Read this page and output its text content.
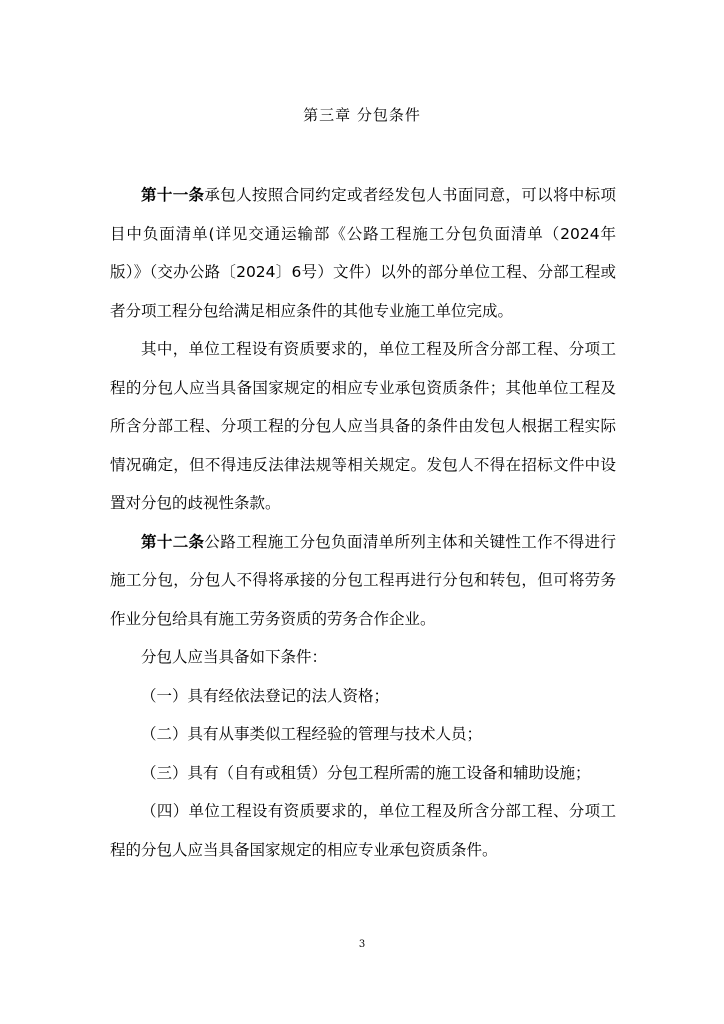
第三章 分包条件

第十一条承包人按照合同约定或者经发包人书面同意，可以将中标项目中负面清单(详见交通运输部《公路工程施工分包负面清单（2024年版）》（交办公路〔2024〕6号）文件）以外的部分单位工程、分部工程或者分项工程分包给满足相应条件的其他专业施工单位完成。

其中，单位工程设有资质要求的，单位工程及所含分部工程、分项工程的分包人应当具备国家规定的相应专业承包资质条件；其他单位工程及所含分部工程、分项工程的分包人应当具备的条件由发包人根据工程实际情况确定，但不得违反法律法规等相关规定。发包人不得在招标文件中设置对分包的歧视性条款。

第十二条公路工程施工分包负面清单所列主体和关键性工作不得进行施工分包，分包人不得将承接的分包工程再进行分包和转包，但可将劳务作业分包给具有施工劳务资质的劳务合作企业。

分包人应当具备如下条件：

（一）具有经依法登记的法人资格；

（二）具有从事类似工程经验的管理与技术人员；

（三）具有（自有或租赁）分包工程所需的施工设备和辅助设施；

（四）单位工程设有资质要求的，单位工程及所含分部工程、分项工程的分包人应当具备国家规定的相应专业承包资质条件。

3
